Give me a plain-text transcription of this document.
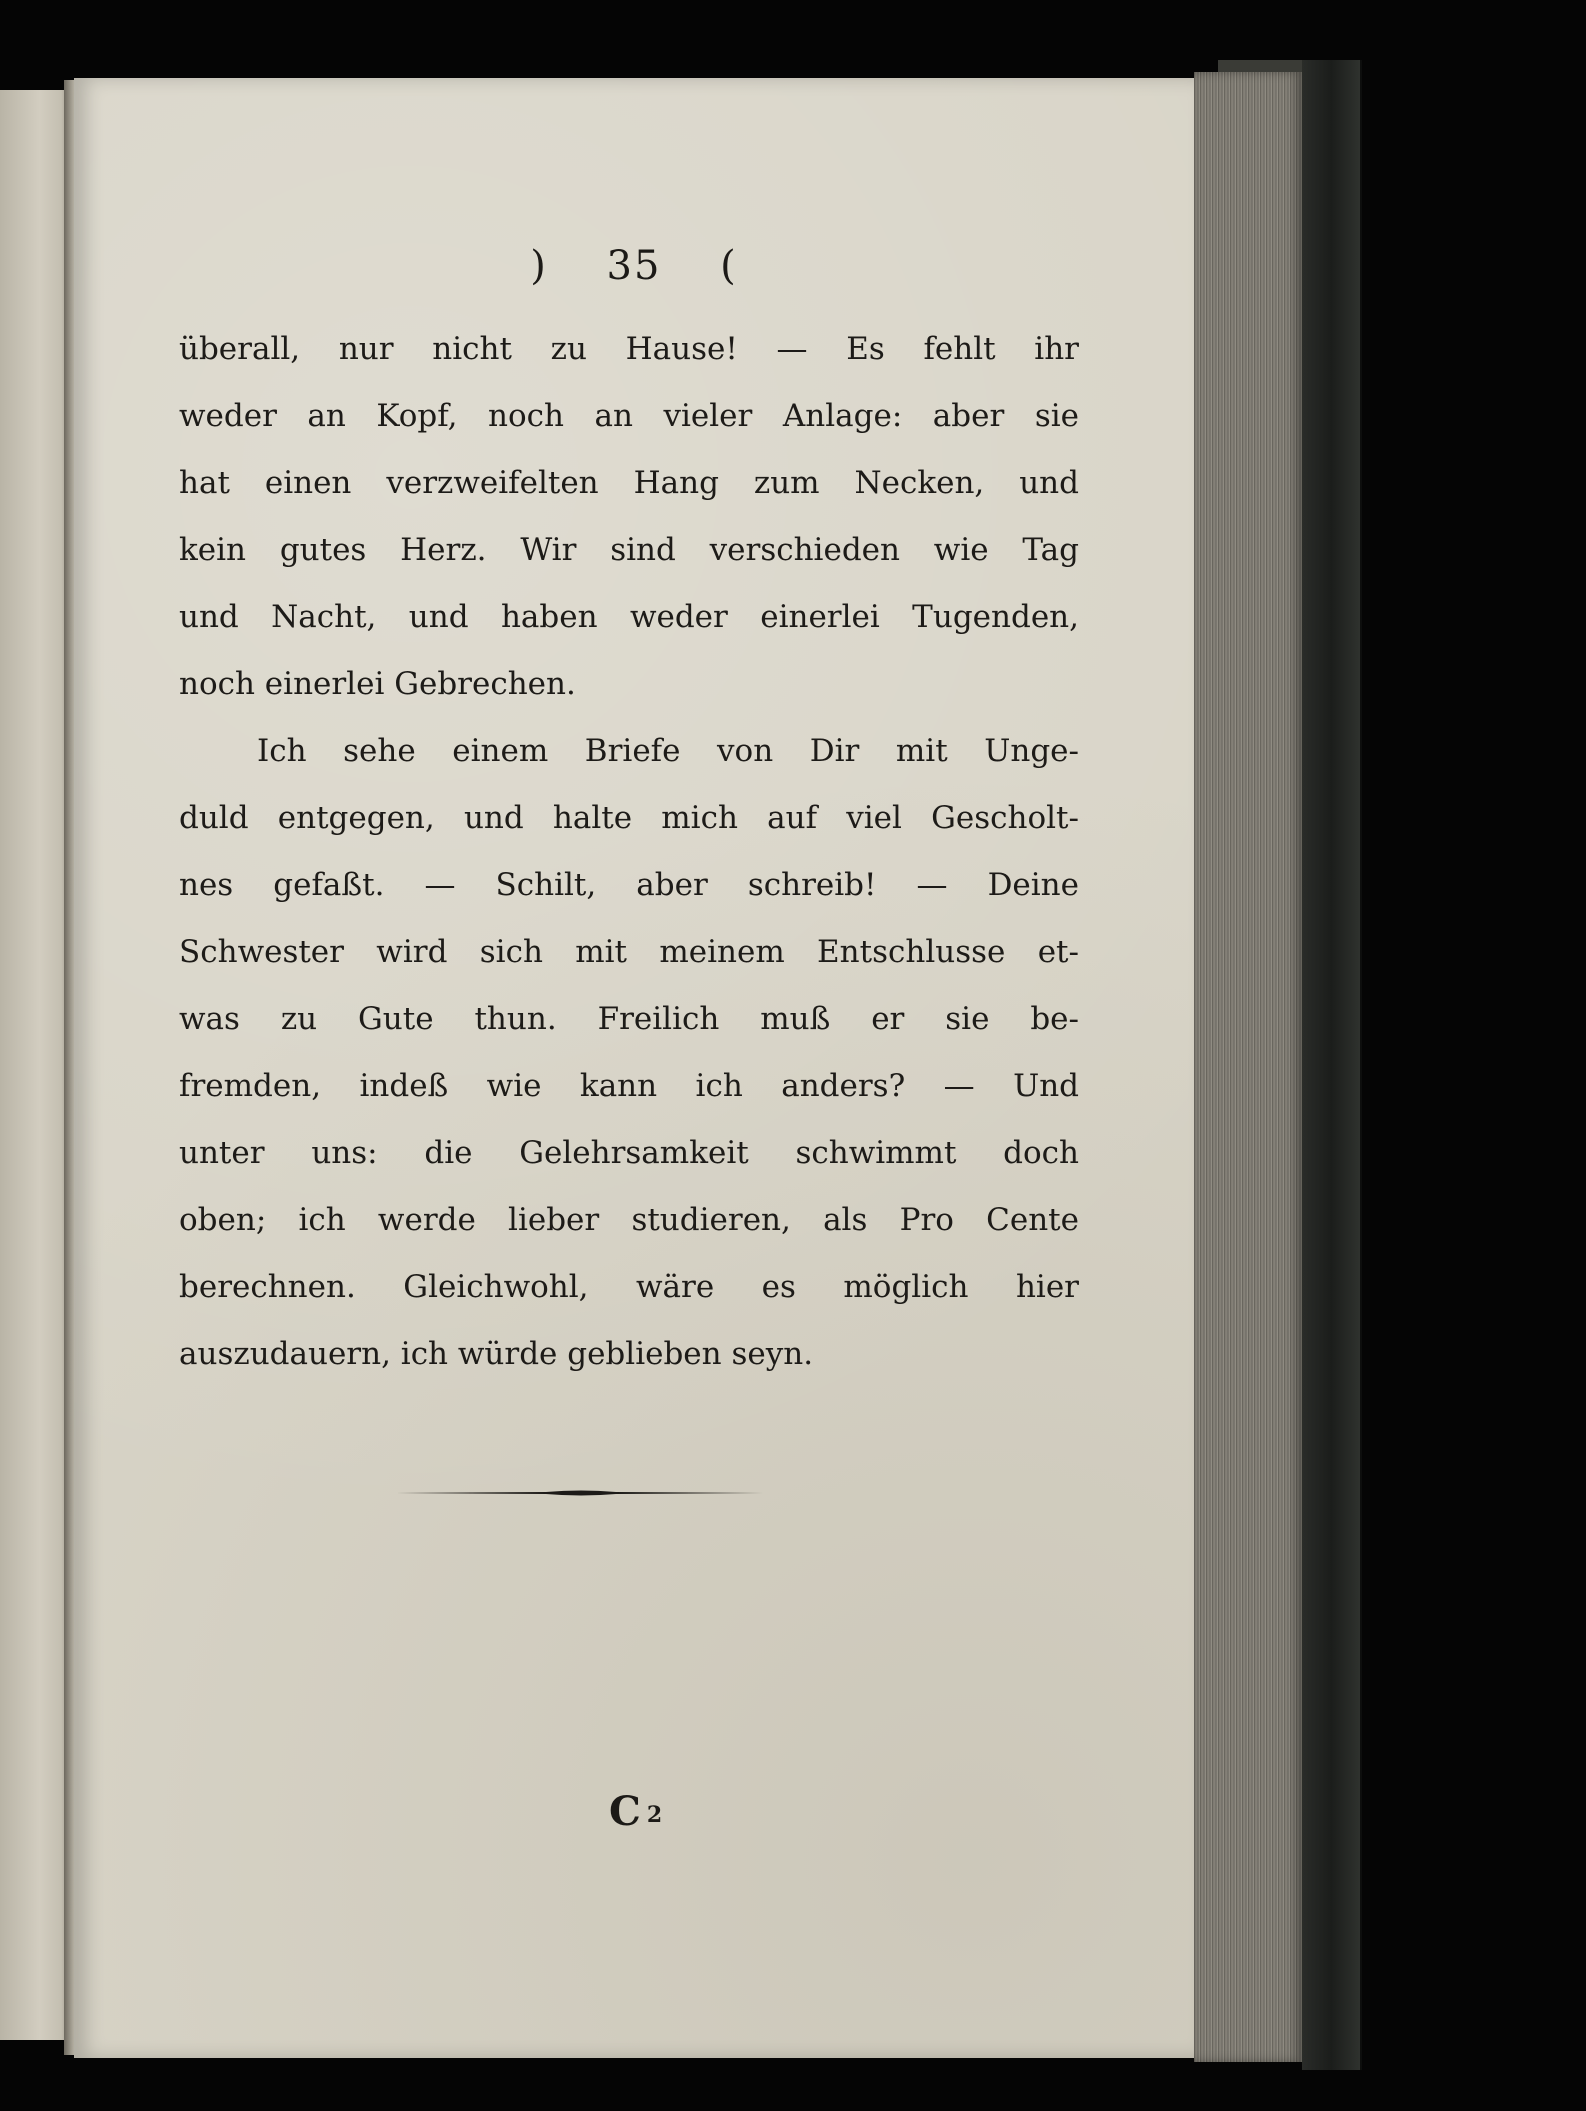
) 35 (
überall, nur nicht zu Hause! — Es fehlt ihr
weder an Kopf, noch an vieler Anlage: aber sie
hat einen verzweifelten Hang zum Necken, und
kein gutes Herz. Wir sind verschieden wie Tag
und Nacht, und haben weder einerlei Tugenden,
noch einerlei Gebrechen.
Ich sehe einem Briefe von Dir mit Unge-
duld entgegen, und halte mich auf viel Gescholt-
nes gefaßt. — Schilt, aber schreib! — Deine
Schwester wird sich mit meinem Entschlusse et-
was zu Gute thun. Freilich muß er sie be-
fremden, indeß wie kann ich anders? — Und
unter uns: die Gelehrsamkeit schwimmt doch
oben; ich werde lieber studieren, als Pro Cente
berechnen. Gleichwohl, wäre es möglich hier
auszudauern, ich würde geblieben seyn.
C 2
